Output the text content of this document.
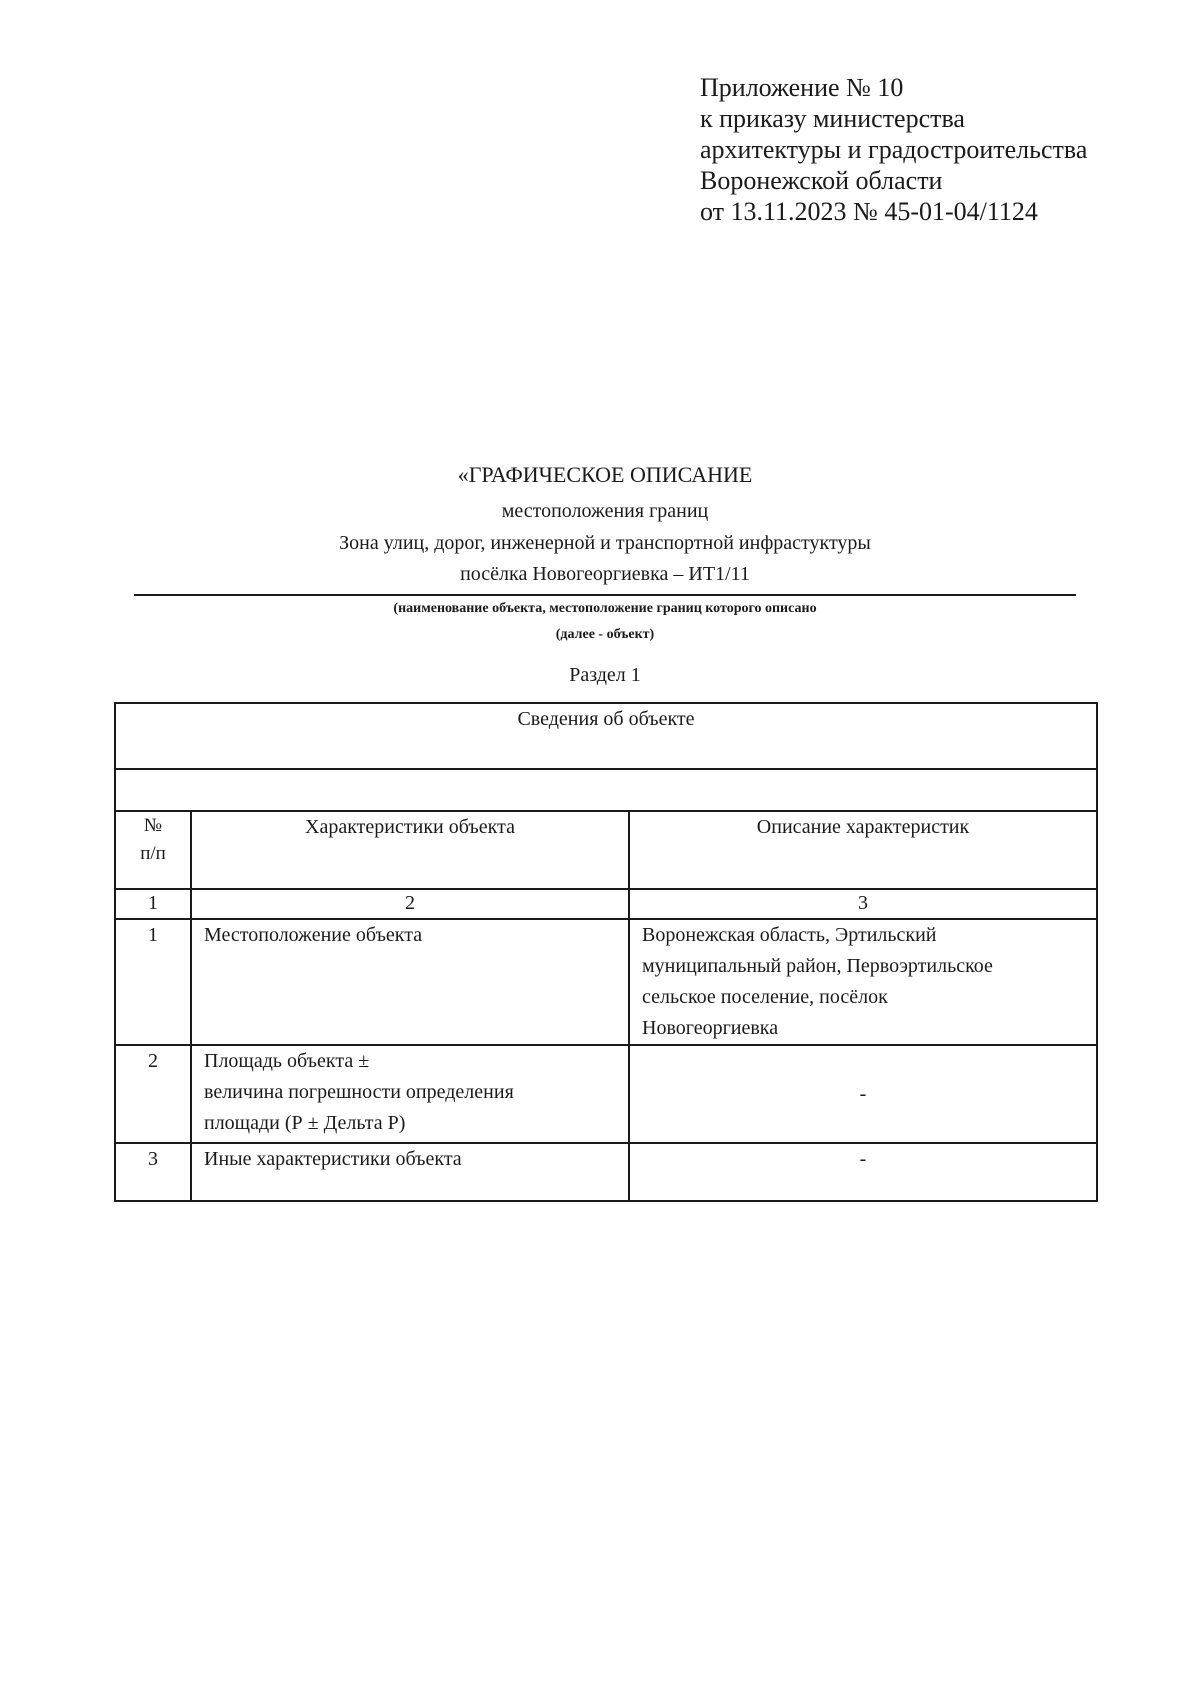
Приложение № 10
к приказу министерства
архитектуры и градостроительства
Воронежской области
от 13.11.2023 № 45-01-04/1124
«ГРАФИЧЕСКОЕ ОПИСАНИЕ
местоположения границ
Зона улиц, дорог, инженерной и транспортной инфрастуктуры
посёлка Новогеоргиевка – ИТ1/11
(наименование объекта, местоположение границ которого описано
(далее - объект)
Раздел 1
Сведения об объекте		

№
п/п	Характеристики объекта	Описание характеристик
1	2	3
1	Местоположение объекта	Воронежская область, Эртильский
муниципальный район, Первоэртильское
сельское поселение, посёлок
Новогеоргиевка

2	Площадь объекта ±
величина погрешности определения
площади (Р ± Дельта Р)	-
3	Иные характеристики объекта	-
